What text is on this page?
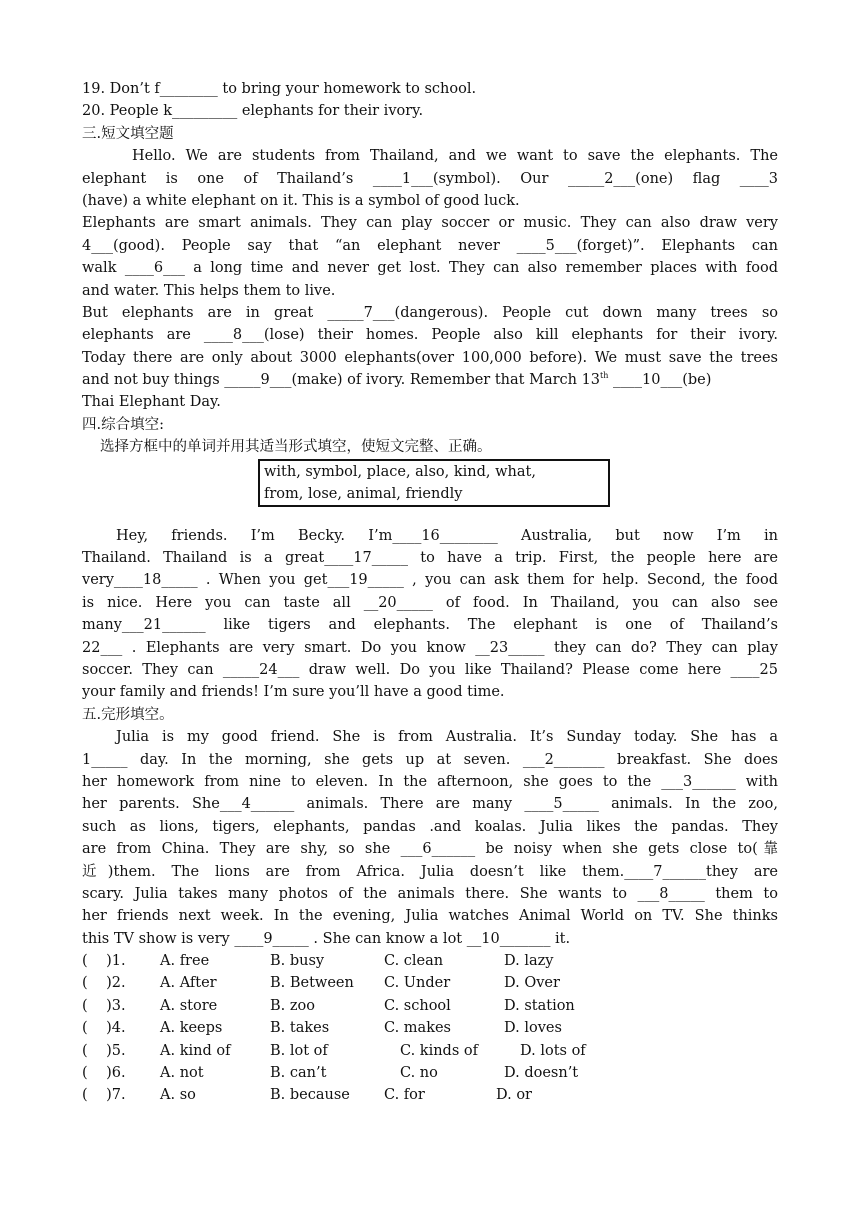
19. Don’t f________ to bring your homework to school.
20. People k_________ elephants for their ivory.
三.短文填空题
Hello. We are students from Thailand, and we want to save the elephants. The
elephant is one of Thailand’s ____1___(symbol). Our _____2___(one) flag ____3
(have) a white elephant on it. This is a symbol of good luck.
Elephants are smart animals. They can play soccer or music. They can also draw very
4___(good). People say that “an elephant never ____5___(forget)”. Elephants can
walk ____6___ a long time and never get lost. They can also remember places with food
and water. This helps them to live.
But elephants are in great _____7___(dangerous). People cut down many trees so
elephants are ____8___(lose) their homes. People also kill elephants for their ivory.
Today there are only about 3000 elephants(over 100,000 before). We must save the trees
and not buy things _____9___(make) of ivory. Remember that March 13th ____10___(be)
Thai Elephant Day.
四.综合填空:
选择方框中的单词并用其适当形式填空，使短文完整、正确。
with, symbol, place, also, kind, what,
from, lose, animal, friendly
Hey, friends. I’m Becky. I’m____16________ Australia, but now I’m in
Thailand. Thailand is a great____17_____ to have a trip. First, the people here are
very____18_____ . When you get___19_____ , you can ask them for help. Second, the food
is nice. Here you can taste all __20_____ of food. In Thailand, you can also see
many___21______ like tigers and elephants. The elephant is one of Thailand’s
22___ . Elephants are very smart. Do you know __23_____ they can do? They can play
soccer. They can _____24___ draw well. Do you like Thailand? Please come here ____25
your family and friends! I’m sure you’ll have a good time.
五.完形填空。
Julia is my good friend. She is from Australia. It’s Sunday today. She has a
1_____ day. In the morning, she gets up at seven. ___2_______ breakfast. She does
her homework from nine to eleven. In the afternoon, she goes to the ___3______ with
her parents. She___4______ animals. There are many ____5_____ animals. In the zoo,
such as lions, tigers, elephants, pandas .and koalas. Julia likes the pandas. They
are from China. They are shy, so she ___6______ be noisy when she gets close to(靠
近)them. The lions are from Africa. Julia doesn’t like them.____7______they are
scary. Julia takes many photos of the animals there. She wants to ___8_____ them to
her friends next week. In the evening, Julia watches Animal World on TV. She thinks
this TV show is very ____9_____ . She can know a lot __10_______ it.
(    )1. A. free	B. busy	C. clean	D. lazy
(    )2. A. After	B. Between C. Under	D. Over
(    )3. A. store	B. zoo	C. school	D. station
(    )4. A. keeps	B. takes	C. makes	D. loves
(    )5. A. kind of	B. lot of	C. kinds of	D. lots of
(    )6. A. not	B. can’t	C. no	D. doesn’t
(    )7. A. so	B. because C. for	D. or
